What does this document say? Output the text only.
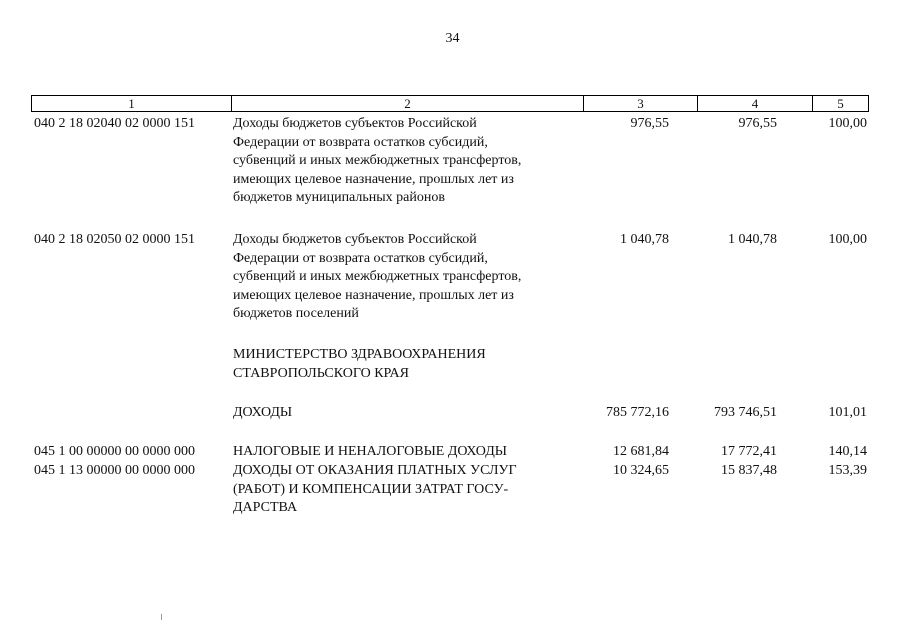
34
1	2	3	4	5
040 2 18 02040 02 0000 151	Доходы бюджетов субъектов Российской
Федерации от возврата остатков субсидий,
субвенций и иных межбюджетных трансфертов,
имеющих целевое назначение, прошлых лет из
бюджетов муниципальных районов
976,55	976,55	100,00
040 2 18 02050 02 0000 151	Доходы бюджетов субъектов Российской
Федерации от возврата остатков субсидий,
субвенций и иных межбюджетных трансфертов,
имеющих целевое назначение, прошлых лет из
бюджетов поселений
1 040,78	1 040,78	100,00
МИНИСТЕРСТВО ЗДРАВООХРАНЕНИЯ
СТАВРОПОЛЬСКОГО КРАЯ
ДОХОДЫ	785 772,16	793 746,51	101,01
045 1 00 00000 00 0000 000	НАЛОГОВЫЕ И НЕНАЛОГОВЫЕ ДОХОДЫ	12 681,84	17 772,41	140,14
045 1 13 00000 00 0000 000	ДОХОДЫ ОТ ОКАЗАНИЯ ПЛАТНЫХ УСЛУГ
(РАБОТ) И КОМПЕНСАЦИИ ЗАТРАТ ГОСУ-
ДАРСТВА
10 324,65	15 837,48	153,39
